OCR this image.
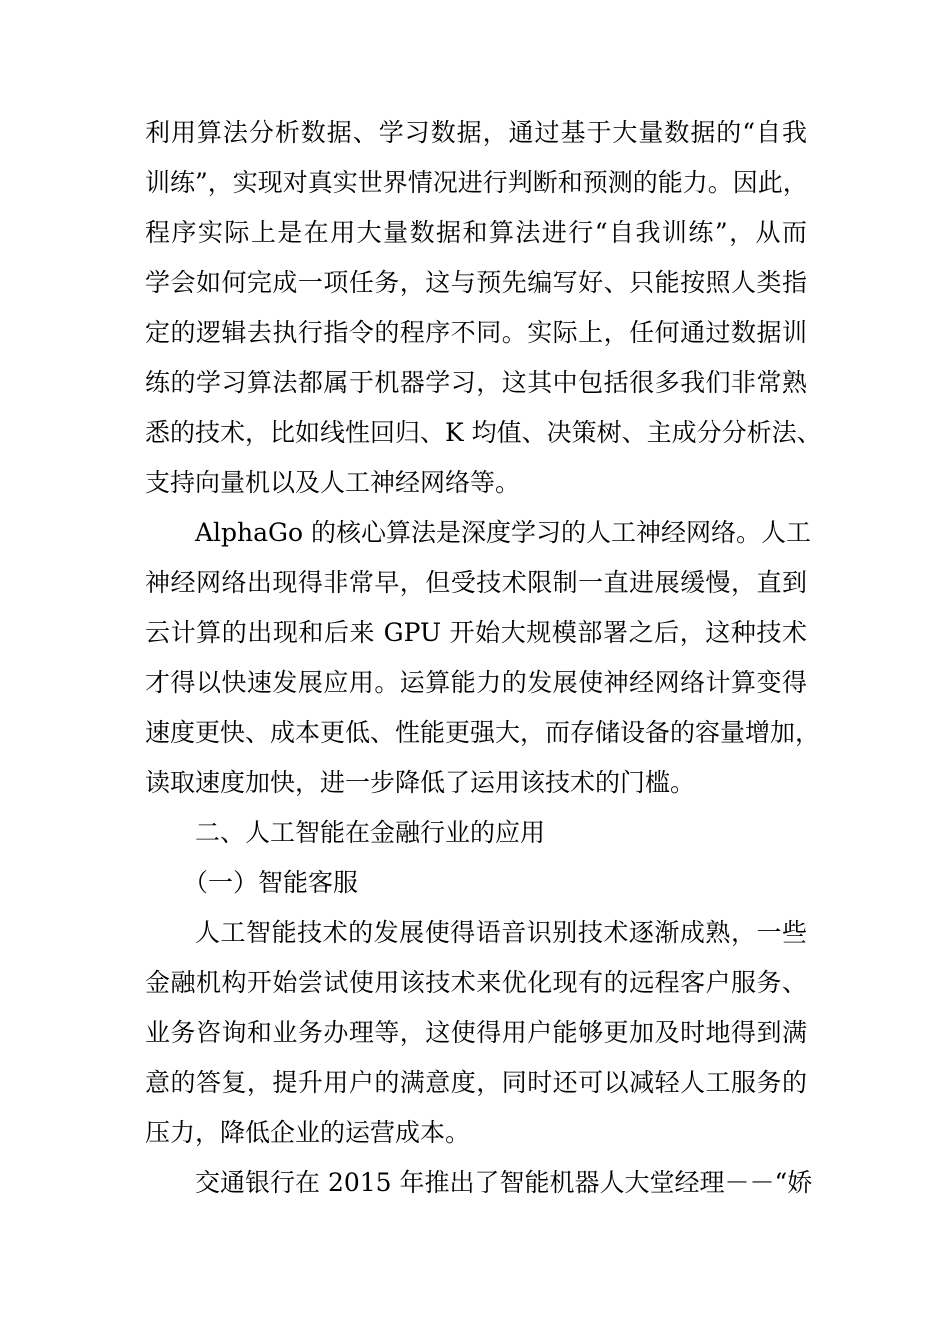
利用算法分析数据、学习数据，通过基于大量数据的“自我
训练”，实现对真实世界情况进行判断和预测的能力。因此，
程序实际上是在用大量数据和算法进行“自我训练”，从而
学会如何完成一项任务，这与预先编写好、只能按照人类指
定的逻辑去执行指令的程序不同。实际上，任何通过数据训
练的学习算法都属于机器学习，这其中包括很多我们非常熟
悉的技术，比如线性回归、K 均值、决策树、主成分分析法、
支持向量机以及人工神经网络等。
AlphaGo 的核心算法是深度学习的人工神经网络。人工
神经网络出现得非常早，但受技术限制一直进展缓慢，直到
云计算的出现和后来 GPU 开始大规模部署之后，这种技术
才得以快速发展应用。运算能力的发展使神经网络计算变得
速度更快、成本更低、性能更强大，而存储设备的容量增加，
读取速度加快，进一步降低了运用该技术的门槛。
二、人工智能在金融行业的应用
（一）智能客服
人工智能技术的发展使得语音识别技术逐渐成熟，一些
金融机构开始尝试使用该技术来优化现有的远程客户服务、
业务咨询和业务办理等，这使得用户能够更加及时地得到满
意的答复，提升用户的满意度，同时还可以减轻人工服务的
压力，降低企业的运营成本。
交通银行在 2015 年推出了智能机器人大堂经理－－“娇
